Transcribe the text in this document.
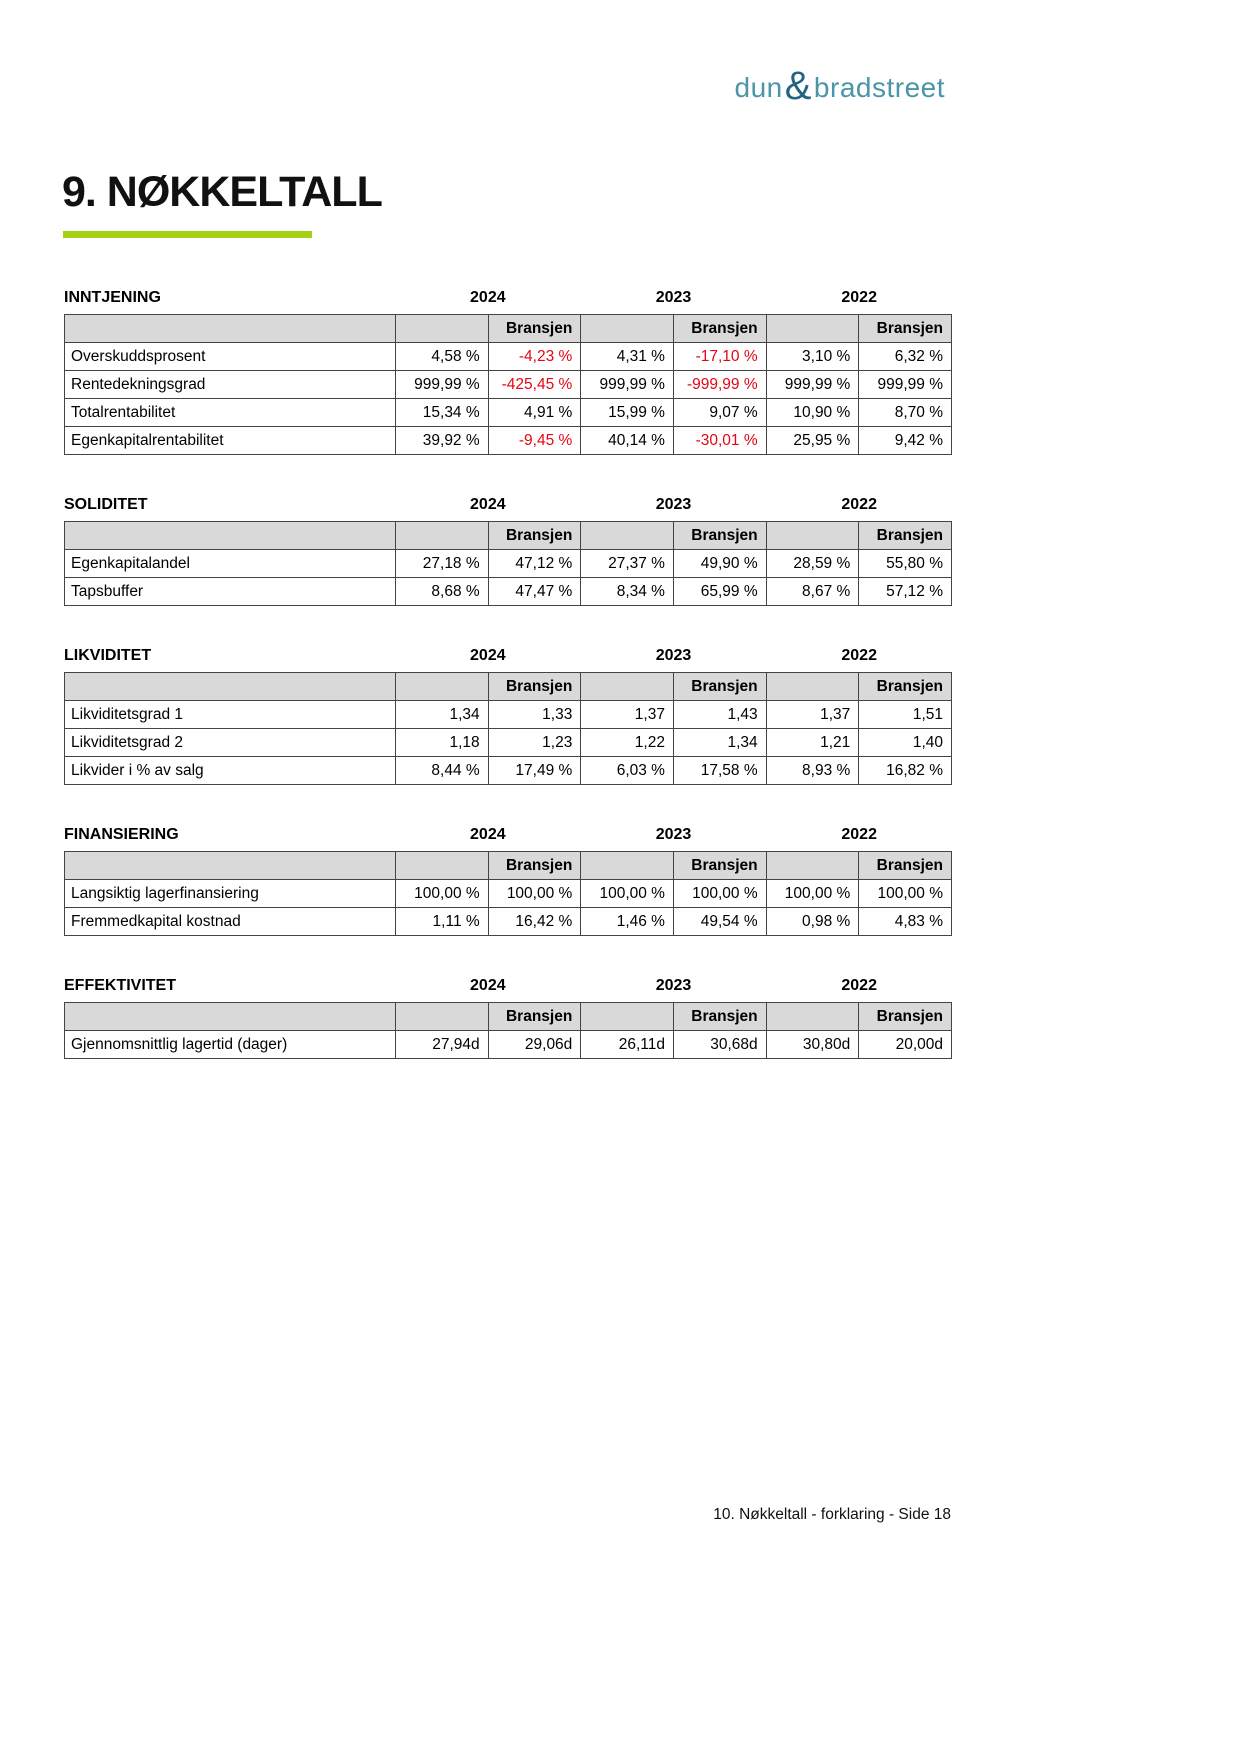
dun & bradstreet
9. NØKKELTALL
INNTJENING	2024	2023	2022
		Bransjen		Bransjen		Bransjen
Overskuddsprosent	4,58 %	-4,23 %	4,31 %	-17,10 %	3,10 %	6,32 %
Rentedekningsgrad	999,99 %	-425,45 %	999,99 %	-999,99 %	999,99 %	999,99 %
Totalrentabilitet	15,34 %	4,91 %	15,99 %	9,07 %	10,90 %	8,70 %
Egenkapitalrentabilitet	39,92 %	-9,45 %	40,14 %	-30,01 %	25,95 %	9,42 %
SOLIDITET	2024	2023	2022
		Bransjen		Bransjen		Bransjen
Egenkapitalandel	27,18 %	47,12 %	27,37 %	49,90 %	28,59 %	55,80 %
Tapsbuffer	8,68 %	47,47 %	8,34 %	65,99 %	8,67 %	57,12 %
LIKVIDITET	2024	2023	2022
		Bransjen		Bransjen		Bransjen
Likviditetsgrad 1	1,34	1,33	1,37	1,43	1,37	1,51
Likviditetsgrad 2	1,18	1,23	1,22	1,34	1,21	1,40
Likvider i % av salg	8,44 %	17,49 %	6,03 %	17,58 %	8,93 %	16,82 %
FINANSIERING	2024	2023	2022
		Bransjen		Bransjen		Bransjen
Langsiktig lagerfinansiering	100,00 %	100,00 %	100,00 %	100,00 %	100,00 %	100,00 %
Fremmedkapital kostnad	1,11 %	16,42 %	1,46 %	49,54 %	0,98 %	4,83 %
EFFEKTIVITET	2024	2023	2022
		Bransjen		Bransjen		Bransjen
Gjennomsnittlig lagertid (dager)	27,94d	29,06d	26,11d	30,68d	30,80d	20,00d
10. Nøkkeltall - forklaring - Side 18
